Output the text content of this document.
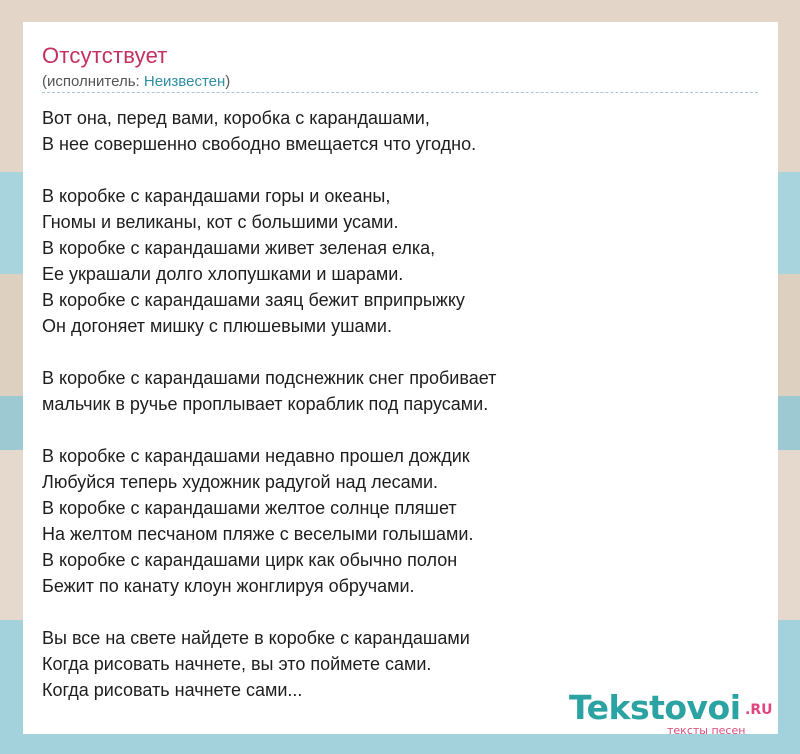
Отсутствует
(исполнитель: Неизвестен)
Вот она, перед вами, коробка с карандашами,
В нее совершенно свободно вмещается что угодно.
В коробке с карандашами горы и океаны,
Гномы и великаны, кот с большими усами.
В коробке с карандашами живет зеленая елка,
Ее украшали долго хлопушками и шарами.
В коробке с карандашами заяц бежит вприпрыжку
Он догоняет мишку с плюшевыми ушами.
В коробке с карандашами подснежник снег пробивает
мальчик в ручье проплывает кораблик под парусами.
В коробке с карандашами недавно прошел дождик
Любуйся теперь художник радугой над лесами.
В коробке с карандашами желтое солнце пляшет
На желтом песчаном пляже с веселыми голышами.
В коробке с карандашами цирк как обычно полон
Бежит по канату клоун жонглируя обручами.
Вы все на свете найдете в коробке с карандашами
Когда рисовать начнете, вы это поймете сами.
Когда рисовать начнете сами...	Tekstovoi .RU
тексты песен
